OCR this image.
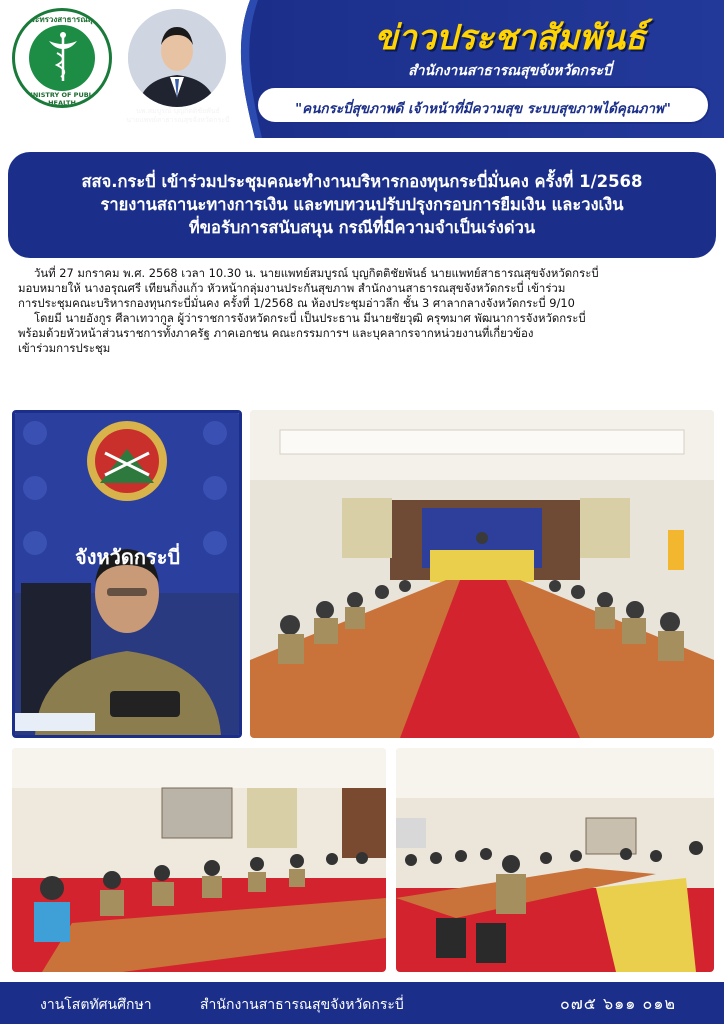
กระทรวงสาธารณสุข
MINISTRY OF PUBLIC HEALTH
นพ.สมบูรณ์ บุญกิตติชัยพันธ์
นายแพทย์สาธารณสุขจังหวัดกระบี่
ข่าวประชาสัมพันธ์
สำนักงานสาธารณสุขจังหวัดกระบี่
"คนกระบี่สุขภาพดี เจ้าหน้าที่มีความสุข ระบบสุขภาพได้คุณภาพ"
สสจ.กระบี่ เข้าร่วมประชุมคณะทำงานบริหารกองทุนกระบี่มั่นคง ครั้งที่ 1/2568
รายงานสถานะทางการเงิน และทบทวนปรับปรุงกรอบการยืมเงิน และวงเงิน
ที่ขอรับการสนับสนุน กรณีที่มีความจำเป็นเร่งด่วน

วันที่ 27 มกราคม พ.ศ. 2568 เวลา 10.30 น. นายแพทย์สมบูรณ์ บุญกิตติชัยพันธ์ นายแพทย์สาธารณสุขจังหวัดกระบี่

มอบหมายให้ นางอรุณศรี เทียนกิ่งแก้ว หัวหน้ากลุ่มงานประกันสุขภาพ สำนักงานสาธารณสุขจังหวัดกระบี่ เข้าร่วม

การประชุมคณะบริหารกองทุนกระบี่มั่นคง ครั้งที่ 1/2568 ณ ห้องประชุมอ่าวลึก ชั้น 3 ศาลากลางจังหวัดกระบี่ 9/10

โดยมี นายอังกูร ศีลาเทวากูล ผู้ว่าราชการจังหวัดกระบี่ เป็นประธาน มีนายชัยวุฒิ ครุฑมาศ พัฒนาการจังหวัดกระบี่

พร้อมด้วยหัวหน้าส่วนราชการทั้งภาครัฐ ภาคเอกชน คณะกรรมการฯ และบุคลากรจากหน่วยงานที่เกี่ยวข้อง

เข้าร่วมการประชุม

จังหวัดกระบี่
งานโสตทัศนศึกษา	สำนักงานสาธารณสุขจังหวัดกระบี่	๐๗๕ ๖๑๑ ๐๑๒
